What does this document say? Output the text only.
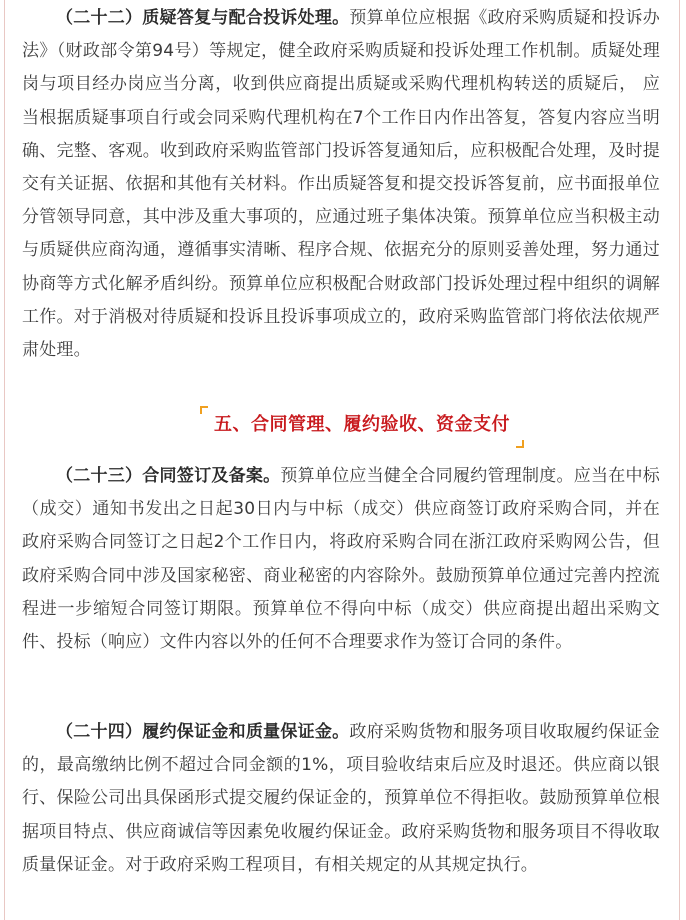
（二十二）质疑答复与配合投诉处理。预算单位应根据《政府采购质疑和投诉办法》（财政部令第94号）等规定，健全政府采购质疑和投诉处理工作机制。质疑处理岗与项目经办岗应当分离，收到供应商提出质疑或采购代理机构转送的质疑后， 应当根据质疑事项自行或会同采购代理机构在7个工作日内作出答复，答复内容应当明确、完整、客观。收到政府采购监管部门投诉答复通知后，应积极配合处理，及时提交有关证据、依据和其他有关材料。作出质疑答复和提交投诉答复前，应书面报单位分管领导同意，其中涉及重大事项的，应通过班子集体决策。预算单位应当积极主动与质疑供应商沟通，遵循事实清晰、程序合规、依据充分的原则妥善处理，努力通过协商等方式化解矛盾纠纷。预算单位应积极配合财政部门投诉处理过程中组织的调解工作。对于消极对待质疑和投诉且投诉事项成立的，政府采购监管部门将依法依规严肃处理。

五、合同管理、履约验收、资金支付

（二十三）合同签订及备案。预算单位应当健全合同履约管理制度。应当在中标（成交）通知书发出之日起30日内与中标（成交）供应商签订政府采购合同，并在政府采购合同签订之日起2个工作日内，将政府采购合同在浙江政府采购网公告，但政府采购合同中涉及国家秘密、商业秘密的内容除外。鼓励预算单位通过完善内控流程进一步缩短合同签订期限。预算单位不得向中标（成交）供应商提出超出采购文件、投标（响应）文件内容以外的任何不合理要求作为签订合同的条件。

（二十四）履约保证金和质量保证金。政府采购货物和服务项目收取履约保证金的，最高缴纳比例不超过合同金额的1%，项目验收结束后应及时退还。供应商以银行、保险公司出具保函形式提交履约保证金的，预算单位不得拒收。鼓励预算单位根据项目特点、供应商诚信等因素免收履约保证金。政府采购货物和服务项目不得收取质量保证金。对于政府采购工程项目，有相关规定的从其规定执行。
